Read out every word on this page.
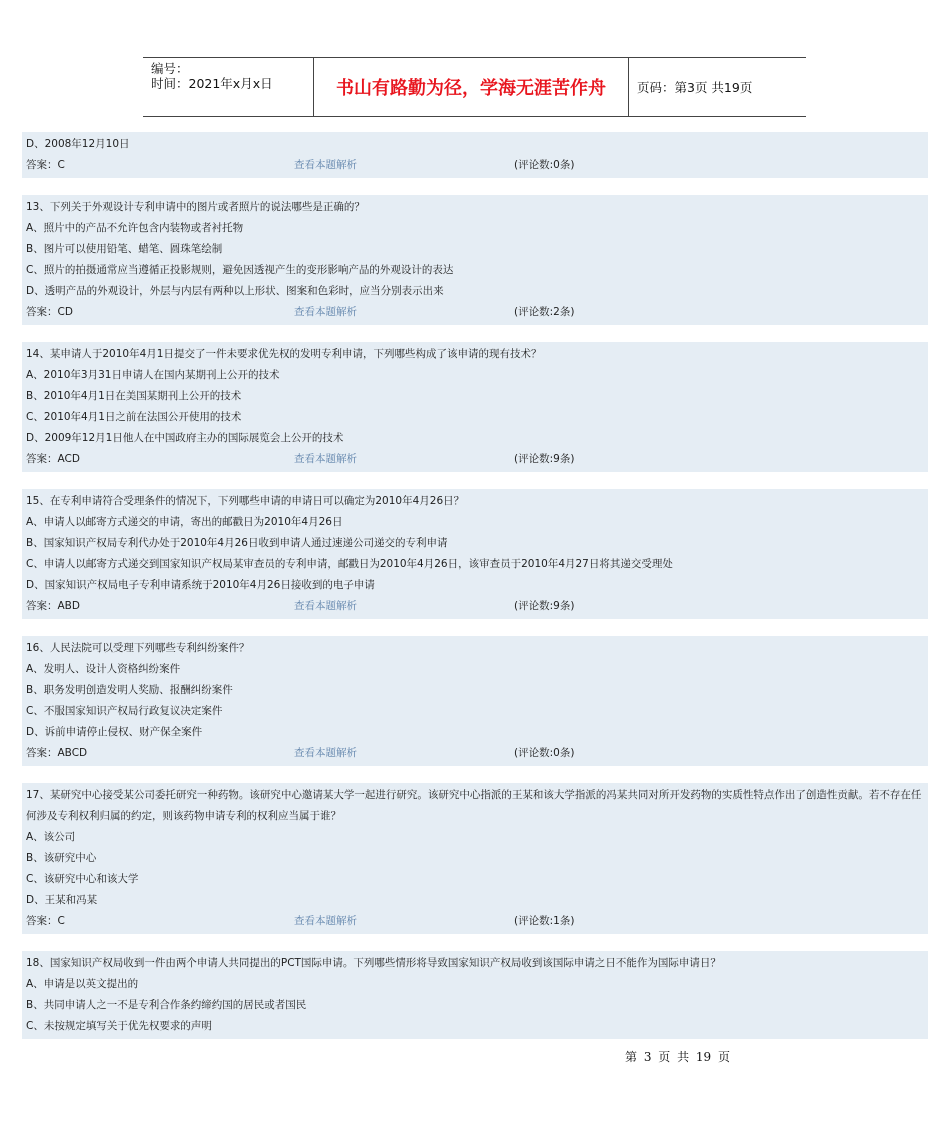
编号：
时间：2021年x月x日	书山有路勤为径，学海无涯苦作舟	页码：第3页 共19页
D、2008年12月10日
答案：C	查看本题解析	(评论数:0条)
13、下列关于外观设计专利申请中的图片或者照片的说法哪些是正确的？
A、照片中的产品不允许包含内装物或者衬托物
B、图片可以使用铅笔、蜡笔、圆珠笔绘制
C、照片的拍摄通常应当遵循正投影规则，避免因透视产生的变形影响产品的外观设计的表达
D、透明产品的外观设计，外层与内层有两种以上形状、图案和色彩时，应当分别表示出来
答案：CD	查看本题解析	(评论数:2条)
14、某申请人于2010年4月1日提交了一件未要求优先权的发明专利申请，下列哪些构成了该申请的现有技术？
A、2010年3月31日申请人在国内某期刊上公开的技术
B、2010年4月1日在美国某期刊上公开的技术
C、2010年4月1日之前在法国公开使用的技术
D、2009年12月1日他人在中国政府主办的国际展览会上公开的技术
答案：ACD	查看本题解析	(评论数:9条)
15、在专利申请符合受理条件的情况下，下列哪些申请的申请日可以确定为2010年4月26日？
A、申请人以邮寄方式递交的申请，寄出的邮戳日为2010年4月26日
B、国家知识产权局专利代办处于2010年4月26日收到申请人通过速递公司递交的专利申请
C、申请人以邮寄方式递交到国家知识产权局某审查员的专利申请，邮戳日为2010年4月26日，该审查员于2010年4月27日将其递交受理处
D、国家知识产权局电子专利申请系统于2010年4月26日接收到的电子申请
答案：ABD	查看本题解析	(评论数:9条)
16、人民法院可以受理下列哪些专利纠纷案件？
A、发明人、设计人资格纠纷案件
B、职务发明创造发明人奖励、报酬纠纷案件
C、不服国家知识产权局行政复议决定案件
D、诉前申请停止侵权、财产保全案件
答案：ABCD	查看本题解析	(评论数:0条)
17、某研究中心接受某公司委托研究一种药物。该研究中心邀请某大学一起进行研究。该研究中心指派的王某和该大学指派的冯某共同对所开发药物的实质性特点作出了创造性贡献。若不存在任何涉及专利权利归属的约定，则该药物申请专利的权利应当属于谁？
A、该公司
B、该研究中心
C、该研究中心和该大学
D、王某和冯某
答案：C	查看本题解析	(评论数:1条)
18、国家知识产权局收到一件由两个申请人共同提出的PCT国际申请。下列哪些情形将导致国家知识产权局收到该国际申请之日不能作为国际申请日？
A、申请是以英文提出的
B、共同申请人之一不是专利合作条约缔约国的居民或者国民
C、未按规定填写关于优先权要求的声明
第 3 页 共 19 页
